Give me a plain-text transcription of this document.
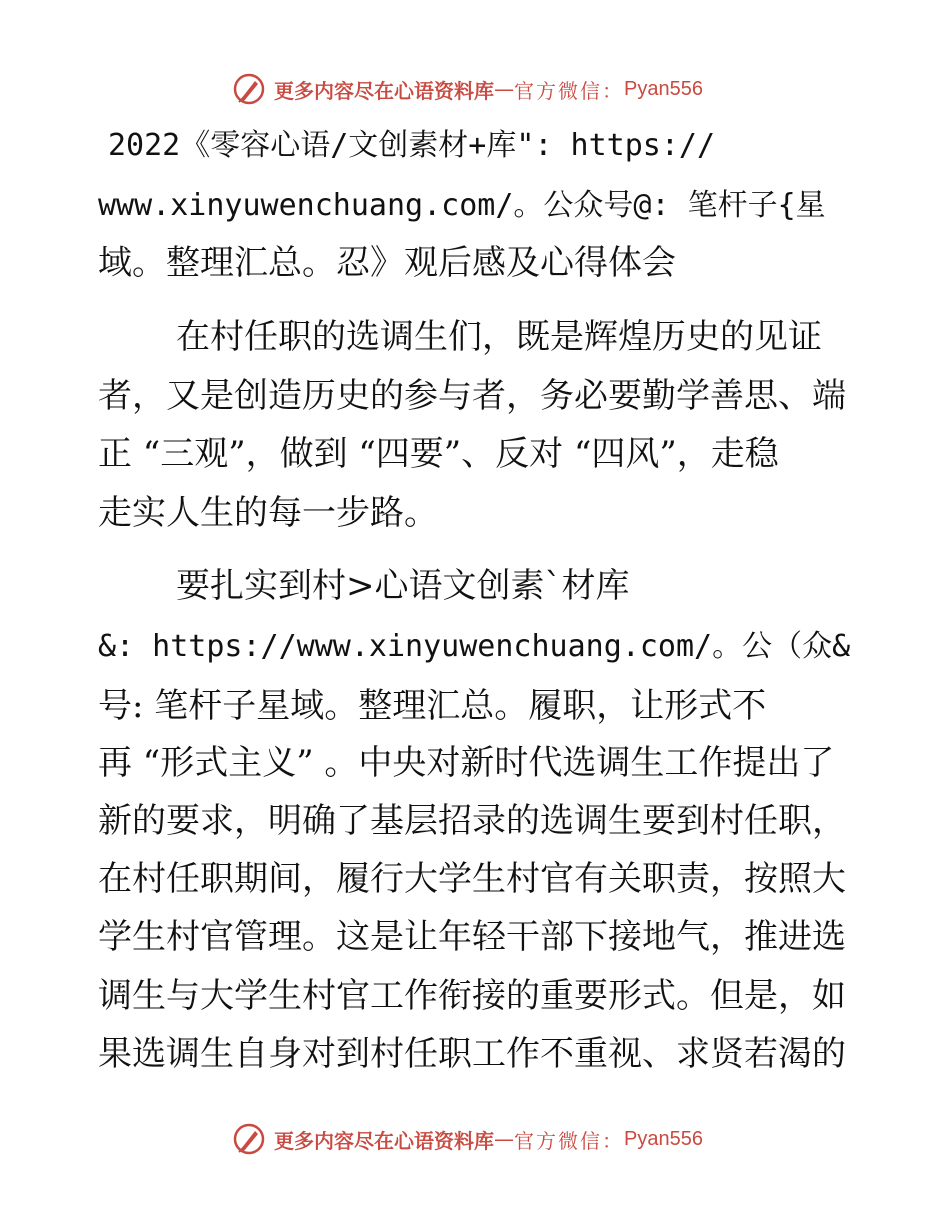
更多内容尽在心语资料库 — 官方微信： Pyan556
2022《零容心语/文创素材+库": https://
www.xinyuwenchuang.com/。公众号@: 笔杆子{星
域。整理汇总。忍》观后感及心得体会
在村任职的选调生们，既是辉煌历史的见证
者，又是创造历史的参与者，务必要勤学善思、端
正 “三观”，做到 “四要”、反对 “四风”，走稳
走实人生的每一步路。
要扎实到村>心语文创素`材库
&: https://www.xinyuwenchuang.com/。公（众&
号: 笔杆子星域。整理汇总。履职，让形式不
再 “形式主义” 。中央对新时代选调生工作提出了
新的要求，明确了基层招录的选调生要到村任职，
在村任职期间，履行大学生村官有关职责，按照大
学生村官管理。这是让年轻干部下接地气，推进选
调生与大学生村官工作衔接的重要形式。但是，如
果选调生自身对到村任职工作不重视、求贤若渴的
更多内容尽在心语资料库 — 官方微信： Pyan556
